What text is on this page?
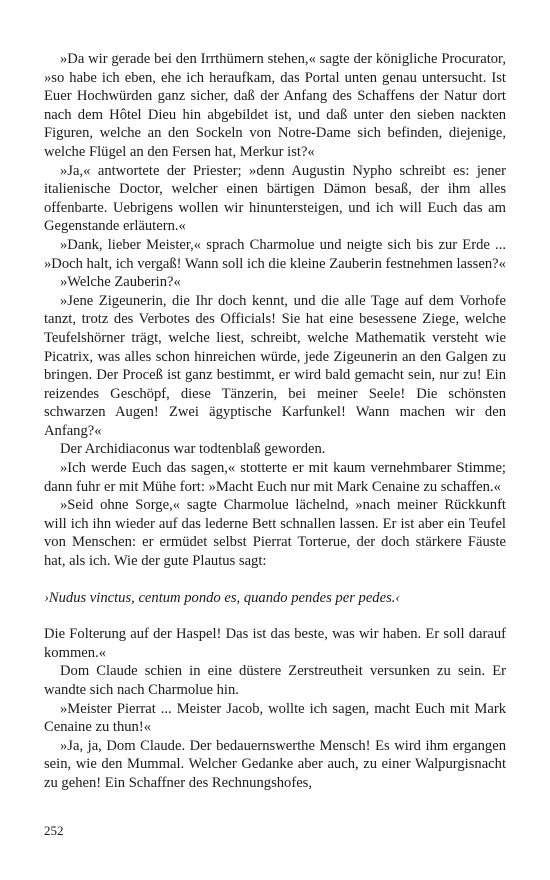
»Da wir gerade bei den Irrthümern stehen,« sagte der königliche Procurator, »so habe ich eben, ehe ich heraufkam, das Portal unten genau untersucht. Ist Euer Hochwürden ganz sicher, daß der Anfang des Schaffens der Natur dort nach dem Hôtel Dieu hin abgebildet ist, und daß unter den sieben nackten Figuren, welche an den Sockeln von Notre-Dame sich befinden, diejenige, welche Flügel an den Fersen hat, Merkur ist?«

»Ja,« antwortete der Priester; »denn Augustin Nypho schreibt es: jener italienische Doctor, welcher einen bärtigen Dämon besaß, der ihm alles offenbarte. Uebrigens wollen wir hinuntersteigen, und ich will Euch das am Gegenstande erläutern.«

»Dank, lieber Meister,« sprach Charmolue und neigte sich bis zur Erde ... »Doch halt, ich vergaß! Wann soll ich die kleine Zauberin festnehmen lassen?«

»Welche Zauberin?«

»Jene Zigeunerin, die Ihr doch kennt, und die alle Tage auf dem Vorhofe tanzt, trotz des Verbotes des Officials! Sie hat eine besessene Ziege, welche Teufelshörner trägt, welche liest, schreibt, welche Mathematik versteht wie Picatrix, was alles schon hinreichen würde, jede Zigeunerin an den Galgen zu bringen. Der Proceß ist ganz bestimmt, er wird bald gemacht sein, nur zu! Ein reizendes Geschöpf, diese Tänzerin, bei meiner Seele! Die schönsten schwarzen Augen! Zwei ägyptische Karfunkel! Wann machen wir den Anfang?«

Der Archidiaconus war todtenblaß geworden.

»Ich werde Euch das sagen,« stotterte er mit kaum vernehmbarer Stimme; dann fuhr er mit Mühe fort: »Macht Euch nur mit Mark Cenaine zu schaffen.«

»Seid ohne Sorge,« sagte Charmolue lächelnd, »nach meiner Rückkunft will ich ihn wieder auf das lederne Bett schnallen lassen. Er ist aber ein Teufel von Menschen: er ermüdet selbst Pierrat Torterue, der doch stärkere Fäuste hat, als ich. Wie der gute Plautus sagt:

›Nudus vinctus, centum pondo es, quando pendes per pedes.‹

Die Folterung auf der Haspel! Das ist das beste, was wir haben. Er soll darauf kommen.«

Dom Claude schien in eine düstere Zerstreutheit versunken zu sein. Er wandte sich nach Charmolue hin.

»Meister Pierrat ... Meister Jacob, wollte ich sagen, macht Euch mit Mark Cenaine zu thun!«

»Ja, ja, Dom Claude. Der bedauernswerthe Mensch! Es wird ihm ergangen sein, wie den Mummal. Welcher Gedanke aber auch, zu einer Walpurgisnacht zu gehen! Ein Schaffner des Rechnungshofes,

252
